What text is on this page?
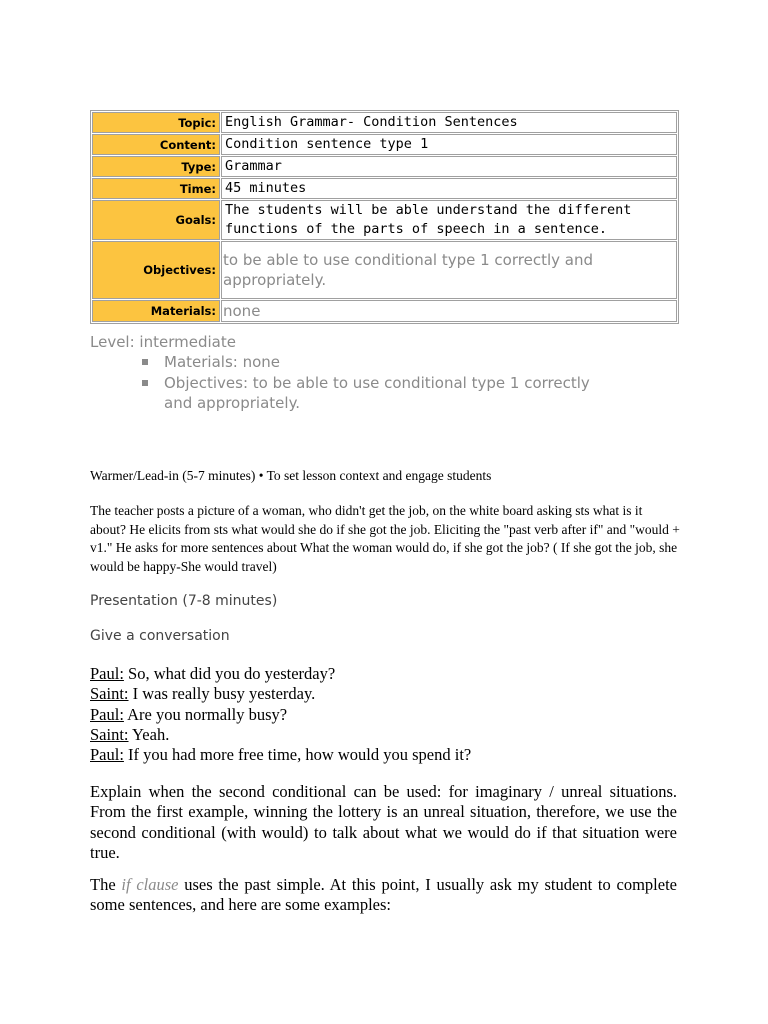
Topic:	English Grammar- Condition Sentences
Content:	Condition sentence type 1
Type:	Grammar
Time:	45 minutes
Goals:	The students will be able understand the different functions of the parts of speech in a sentence.
Objectives:	to be able to use conditional type 1 correctly and appropriately.
Materials:	none
Level: intermediate
Materials: none
Objectives: to be able to use conditional type 1 correctly and appropriately.
Warmer/Lead-in (5-7 minutes) • To set lesson context and engage students
The teacher posts a picture of a woman, who didn't get the job, on the white board asking sts what is it about? He elicits from sts what would she do if she got the job. Eliciting the "past verb after if" and "would + v1." He asks for more sentences about What the woman would do, if she got the job? ( If she got the job, she would be happy-She would travel)
Presentation (7-8 minutes)
Give a conversation
Paul: So, what did you do yesterday?
Saint: I was really busy yesterday.
Paul: Are you normally busy?
Saint: Yeah.
Paul: If you had more free time, how would you spend it?
Explain when the second conditional can be used: for imaginary / unreal situations. From the first example, winning the lottery is an unreal situation, therefore, we use the second conditional (with would) to talk about what we would do if that situation were true.
The if clause uses the past simple. At this point, I usually ask my student to complete some sentences, and here are some examples:
